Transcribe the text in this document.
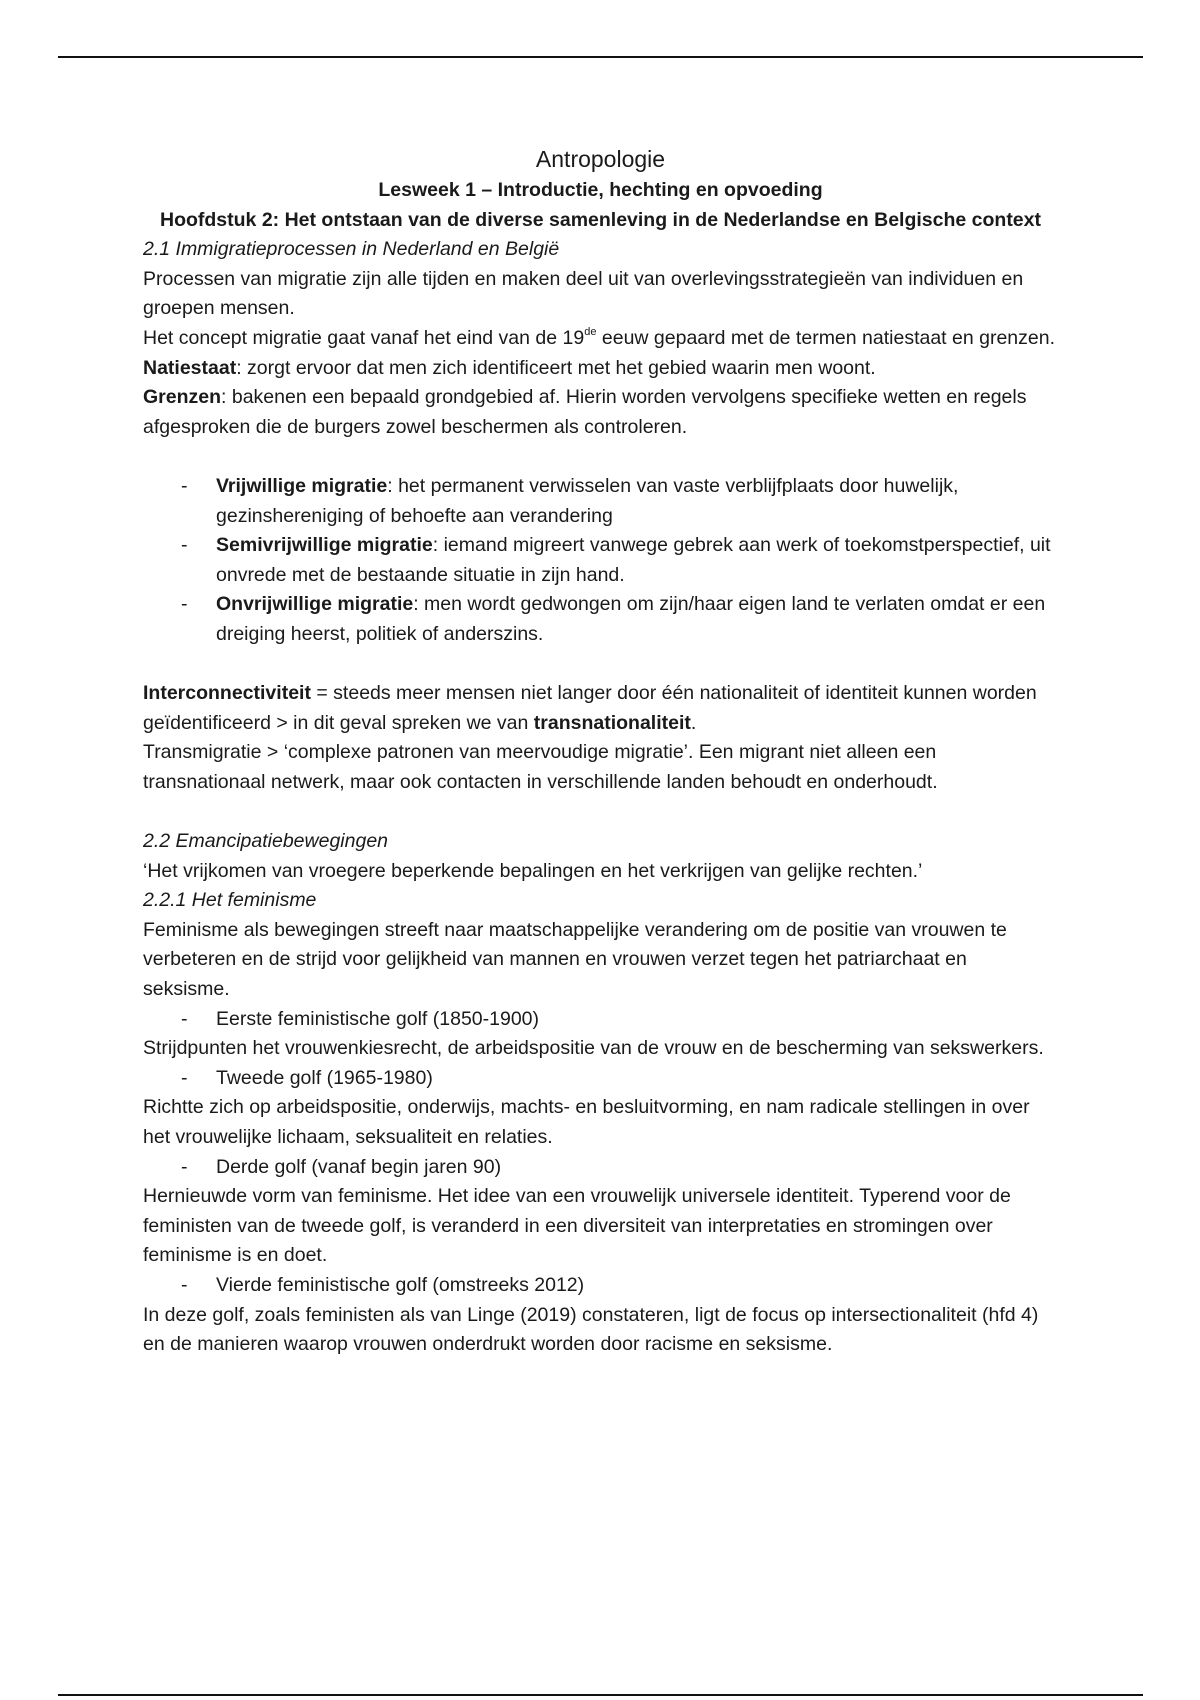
Antropologie
Lesweek 1 – Introductie, hechting en opvoeding
Hoofdstuk 2: Het ontstaan van de diverse samenleving in de Nederlandse en Belgische context
2.1 Immigratieprocessen in Nederland en België

Processen van migratie zijn alle tijden en maken deel uit van overlevingsstrategieën van individuen en groepen mensen.

Het concept migratie gaat vanaf het eind van de 19de eeuw gepaard met de termen natiestaat en grenzen.

Natiestaat: zorgt ervoor dat men zich identificeert met het gebied waarin men woont.

Grenzen: bakenen een bepaald grondgebied af. Hierin worden vervolgens specifieke wetten en regels afgesproken die de burgers zowel beschermen als controleren.

- Vrijwillige migratie: het permanent verwisselen van vaste verblijfplaats door huwelijk, gezinshereniging of behoefte aan verandering
- Semivrijwillige migratie: iemand migreert vanwege gebrek aan werk of toekomstperspectief, uit onvrede met de bestaande situatie in zijn hand.
- Onvrijwillige migratie: men wordt gedwongen om zijn/haar eigen land te verlaten omdat er een dreiging heerst, politiek of anderszins.

Interconnectiviteit = steeds meer mensen niet langer door één nationaliteit of identiteit kunnen worden geïdentificeerd > in dit geval spreken we van transnationaliteit.

Transmigratie > ‘complexe patronen van meervoudige migratie’. Een migrant niet alleen een transnationaal netwerk, maar ook contacten in verschillende landen behoudt en onderhoudt.

2.2 Emancipatiebewegingen

‘Het vrijkomen van vroegere beperkende bepalingen en het verkrijgen van gelijke rechten.’

2.2.1 Het feminisme

Feminisme als bewegingen streeft naar maatschappelijke verandering om de positie van vrouwen te verbeteren en de strijd voor gelijkheid van mannen en vrouwen verzet tegen het patriarchaat en seksisme.

- Eerste feministische golf (1850-1900)

Strijdpunten het vrouwenkiesrecht, de arbeidspositie van de vrouw en de bescherming van sekswerkers.

- Tweede golf (1965-1980)

Richtte zich op arbeidspositie, onderwijs, machts- en besluitvorming, en nam radicale stellingen in over het vrouwelijke lichaam, seksualiteit en relaties.

- Derde golf (vanaf begin jaren 90)

Hernieuwde vorm van feminisme. Het idee van een vrouwelijk universele identiteit. Typerend voor de feministen van de tweede golf, is veranderd in een diversiteit van interpretaties en stromingen over feminisme is en doet.

- Vierde feministische golf (omstreeks 2012)

In deze golf, zoals feministen als van Linge (2019) constateren, ligt de focus op intersectionaliteit (hfd 4) en de manieren waarop vrouwen onderdrukt worden door racisme en seksisme.
